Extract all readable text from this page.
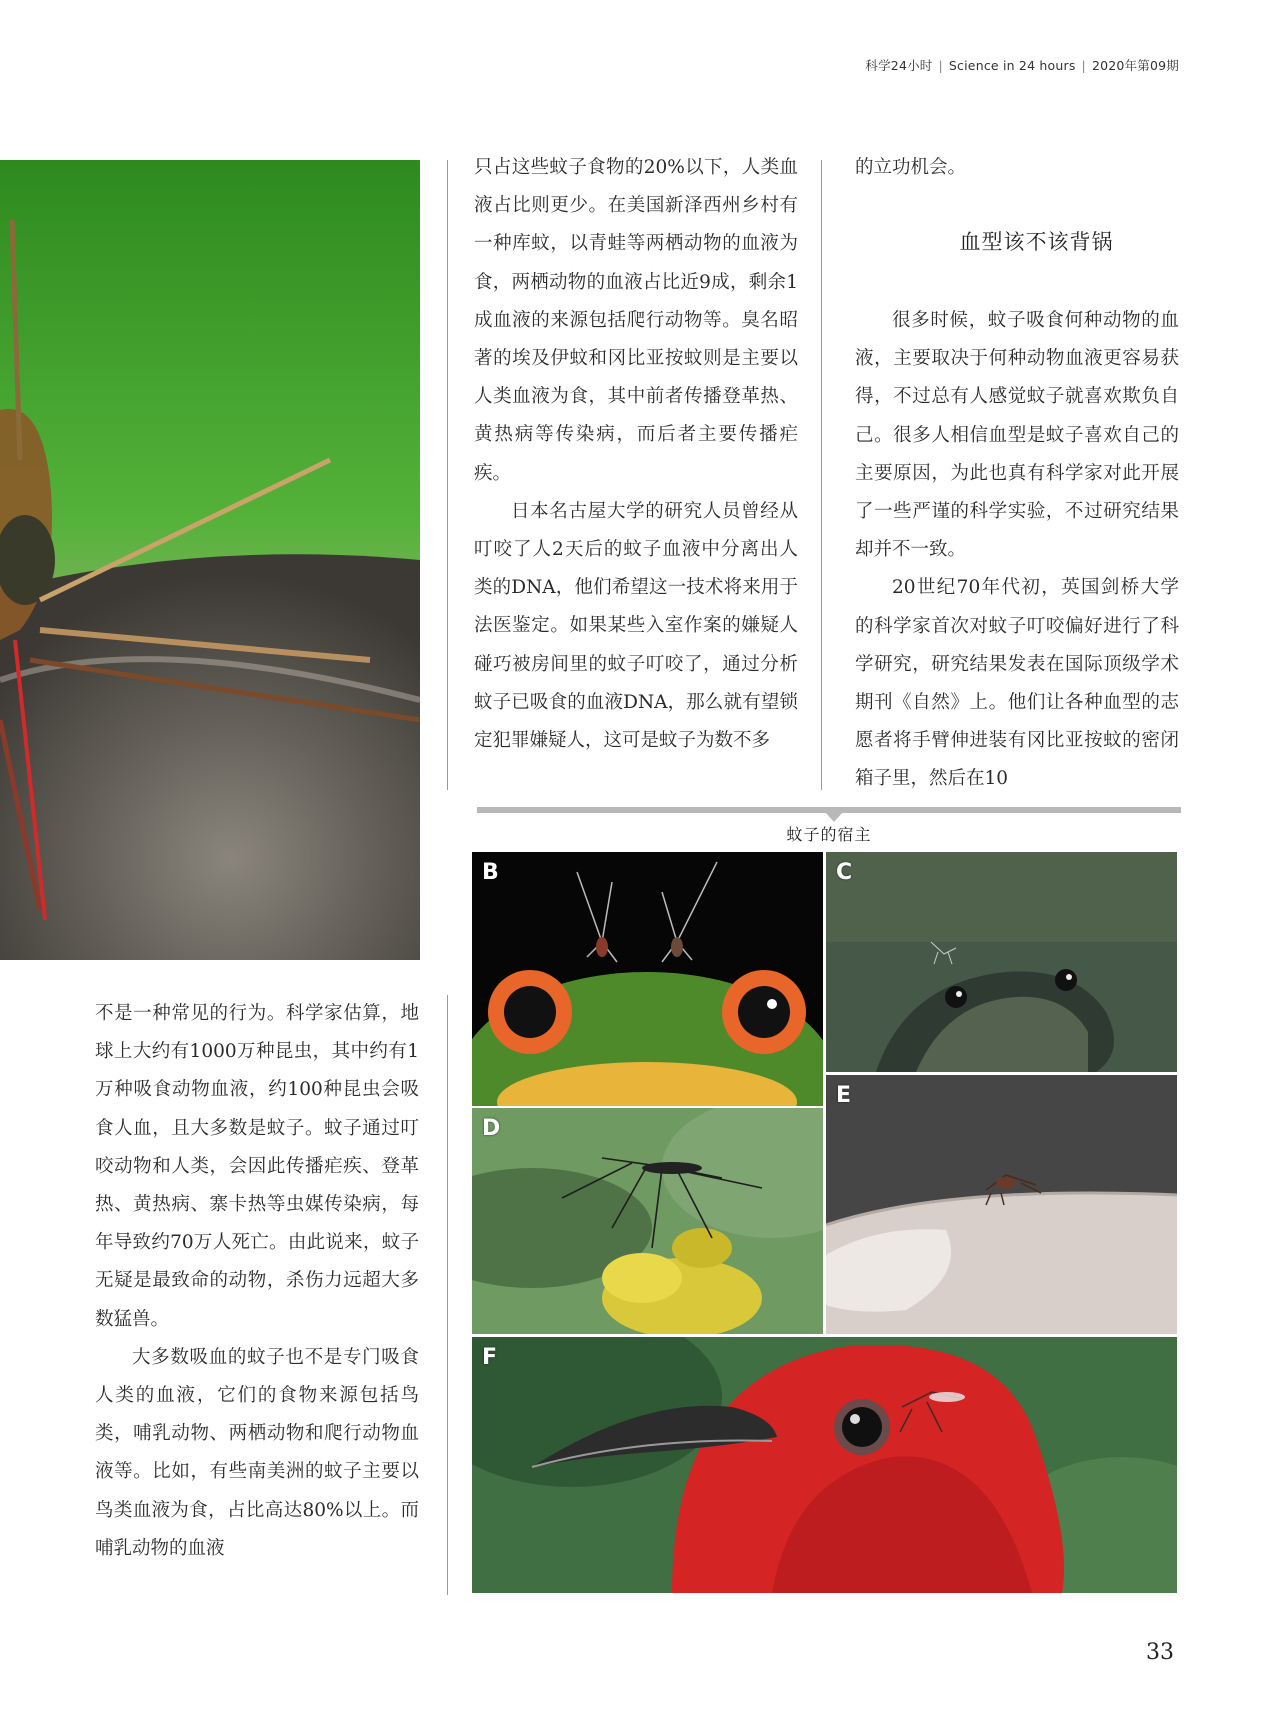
科学24小时 | Science in 24 hours | 2020年第09期

不是一种常见的行为。科学家估算，地球上大约有1000万种昆虫，其中约有1万种吸食动物血液，约100种昆虫会吸食人血，且大多数是蚊子。蚊子通过叮咬动物和人类，会因此传播疟疾、登革热、黄热病、寨卡热等虫媒传染病，每年导致约70万人死亡。由此说来，蚊子无疑是最致命的动物，杀伤力远超大多数猛兽。

大多数吸血的蚊子也不是专门吸食人类的血液，它们的食物来源包括鸟类，哺乳动物、两栖动物和爬行动物血液等。比如，有些南美洲的蚊子主要以鸟类血液为食，占比高达80%以上。而哺乳动物的血液

只占这些蚊子食物的20%以下，人类血液占比则更少。在美国新泽西州乡村有一种库蚊，以青蛙等两栖动物的血液为食，两栖动物的血液占比近9成，剩余1成血液的来源包括爬行动物等。臭名昭著的埃及伊蚊和冈比亚按蚊则是主要以人类血液为食，其中前者传播登革热、黄热病等传染病，而后者主要传播疟疾。

日本名古屋大学的研究人员曾经从叮咬了人2天后的蚊子血液中分离出人类的DNA，他们希望这一技术将来用于法医鉴定。如果某些入室作案的嫌疑人碰巧被房间里的蚊子叮咬了，通过分析蚊子已吸食的血液DNA，那么就有望锁定犯罪嫌疑人，这可是蚊子为数不多

的立功机会。

血型该不该背锅

很多时候，蚊子吸食何种动物的血液，主要取决于何种动物血液更容易获得，不过总有人感觉蚊子就喜欢欺负自己。很多人相信血型是蚊子喜欢自己的主要原因，为此也真有科学家对此开展了一些严谨的科学实验，不过研究结果却并不一致。

20世纪70年代初，英国剑桥大学的科学家首次对蚊子叮咬偏好进行了科学研究，研究结果发表在国际顶级学术期刊《自然》上。他们让各种血型的志愿者将手臂伸进装有冈比亚按蚊的密闭箱子里，然后在10

蚊子的宿主
B	C
D
E
F
33
